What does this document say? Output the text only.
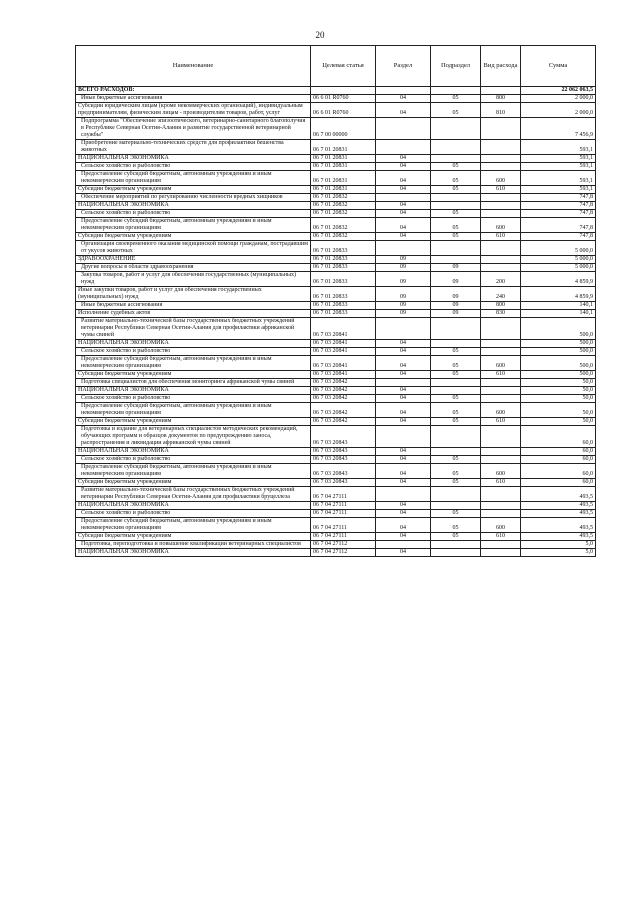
20
Наименование	Целевая статья	Раздел	Подраздел	Вид расхода	Сумма
ВСЕГО РАСХОДОВ:					22 062 063,5
Иные бюджетные ассигнования	06 6 01 R0760	04	05	800	2 000,0
Субсидии юридическим лицам (кроме некоммерческих организаций), индивидуальным предпринимателям, физическим лицам - производителям товаров, работ, услуг	06 6 01 R0760	04	05	810	2 000,0
Подпрограмма "Обеспечение эпизоотического, ветеринарно-санитарного благополучия в Республике Северная Осетия-Алания и развитие государственной ветеринарной службы"	06 7 00 00000				7 456,9
Приобретение материально-технических средств для профилактики бешенства животных	06 7 01 20831				593,1
НАЦИОНАЛЬНАЯ ЭКОНОМИКА	06 7 01 20831	04			593,1
Сельское хозяйство и рыболовство	06 7 01 20831	04	05		593,1
Предоставление субсидий бюджетным, автономным учреждениям и иным некоммерческим организациям	06 7 01 20831	04	05	600	593,1
Субсидии бюджетным учреждениям	06 7 01 20831	04	05	610	593,1
Обеспечение мероприятий по регулированию численности вредных хищников	06 7 01 20832				747,8
НАЦИОНАЛЬНАЯ ЭКОНОМИКА	06 7 01 20832	04			747,8
Сельское хозяйство и рыболовство	06 7 01 20832	04	05		747,8
Предоставление субсидий бюджетным, автономным учреждениям и иным некоммерческим организациям	06 7 01 20832	04	05	600	747,8
Субсидии бюджетным учреждениям	06 7 01 20832	04	05	610	747,8
Организация своевременного оказания медицинской помощи гражданам, пострадавшим от укусов животных	06 7 01 20833				5 000,0
ЗДРАВООХРАНЕНИЕ	06 7 01 20833	09			5 000,0
Другие вопросы в области здравоохранения	06 7 01 20833	09	09		5 000,0
Закупка товаров, работ и услуг для обеспечения государственных (муниципальных) нужд	06 7 01 20833	09	09	200	4 859,9
Иные закупки товаров, работ и услуг для обеспечения государственных (муниципальных) нужд	06 7 01 20833	09	09	240	4 859,9
Иные бюджетные ассигнования	06 7 01 20833	09	09	800	140,1
Исполнение судебных актов	06 7 01 20833	09	09	830	140,1
Развитие материально-технической базы государственных бюджетных учреждений ветеринарии Республики Северная Осетия-Алания для профилактики африканской чумы свиней	06 7 03 20841				500,0
НАЦИОНАЛЬНАЯ ЭКОНОМИКА	06 7 03 20841	04			500,0
Сельское хозяйство и рыболовство	06 7 03 20841	04	05		500,0
Предоставление субсидий бюджетным, автономным учреждениям и иным некоммерческим организациям	06 7 03 20841	04	05	600	500,0
Субсидии бюджетным учреждениям	06 7 03 20841	04	05	610	500,0
Подготовка специалистов для обеспечения мониторинга африканской чумы свиней	06 7 03 20842				50,0
НАЦИОНАЛЬНАЯ ЭКОНОМИКА	06 7 03 20842	04			50,0
Сельское хозяйство и рыболовство	06 7 03 20842	04	05		50,0
Предоставление субсидий бюджетным, автономным учреждениям и иным некоммерческим организациям	06 7 03 20842	04	05	600	50,0
Субсидии бюджетным учреждениям	06 7 03 20842	04	05	610	50,0
Подготовка и издание для ветеринарных специалистов методических рекомендаций, обучающих программ и образцов документов по предупреждению заноса, распространения и ликвидации африканской чумы свиней	06 7 03 20843				60,0
НАЦИОНАЛЬНАЯ ЭКОНОМИКА	06 7 03 20843	04			60,0
Сельское хозяйство и рыболовство	06 7 03 20843	04	05		60,0
Предоставление субсидий бюджетным, автономным учреждениям и иным некоммерческим организациям	06 7 03 20843	04	05	600	60,0
Субсидии бюджетным учреждениям	06 7 03 20843	04	05	610	60,0
Развитие материально-технической базы государственных бюджетных учреждений ветеринарии Республики Северная Осетия-Алания для профилактики бруцеллеза	06 7 04 27111				493,5
НАЦИОНАЛЬНАЯ ЭКОНОМИКА	06 7 04 27111	04			493,5
Сельское хозяйство и рыболовство	06 7 04 27111	04	05		493,5
Предоставление субсидий бюджетным, автономным учреждениям и иным некоммерческим организациям	06 7 04 27111	04	05	600	493,5
Субсидии бюджетным учреждениям	06 7 04 27111	04	05	610	493,5
Подготовка, переподготовка и повышение квалификации ветеринарных специалистов	06 7 04 27112				5,0
НАЦИОНАЛЬНАЯ ЭКОНОМИКА	06 7 04 27112	04			5,0
